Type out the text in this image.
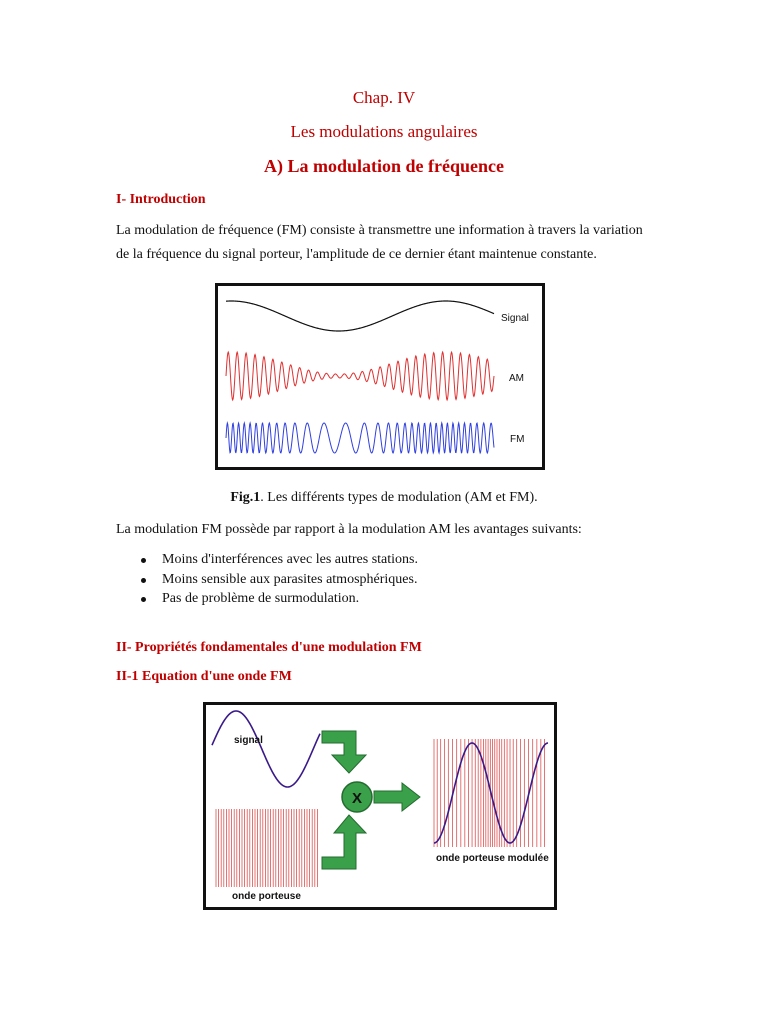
Chap. IV
Les modulations angulaires
A) La modulation de fréquence
I- Introduction
La modulation de fréquence (FM) consiste à transmettre une information à travers la variation
de la fréquence du signal porteur, l'amplitude de ce dernier étant maintenue constante.
Signal
AM
FM
Fig.1. Les différents types de modulation (AM et FM).
La modulation FM possède par rapport à la modulation AM les avantages suivants:
Moins d'interférences avec les autres stations.
Moins sensible aux parasites atmosphériques.
Pas de problème de surmodulation.
II- Propriétés fondamentales d'une modulation FM
II-1 Equation d'une onde FM
signal
onde porteuse
X
onde porteuse modulée
